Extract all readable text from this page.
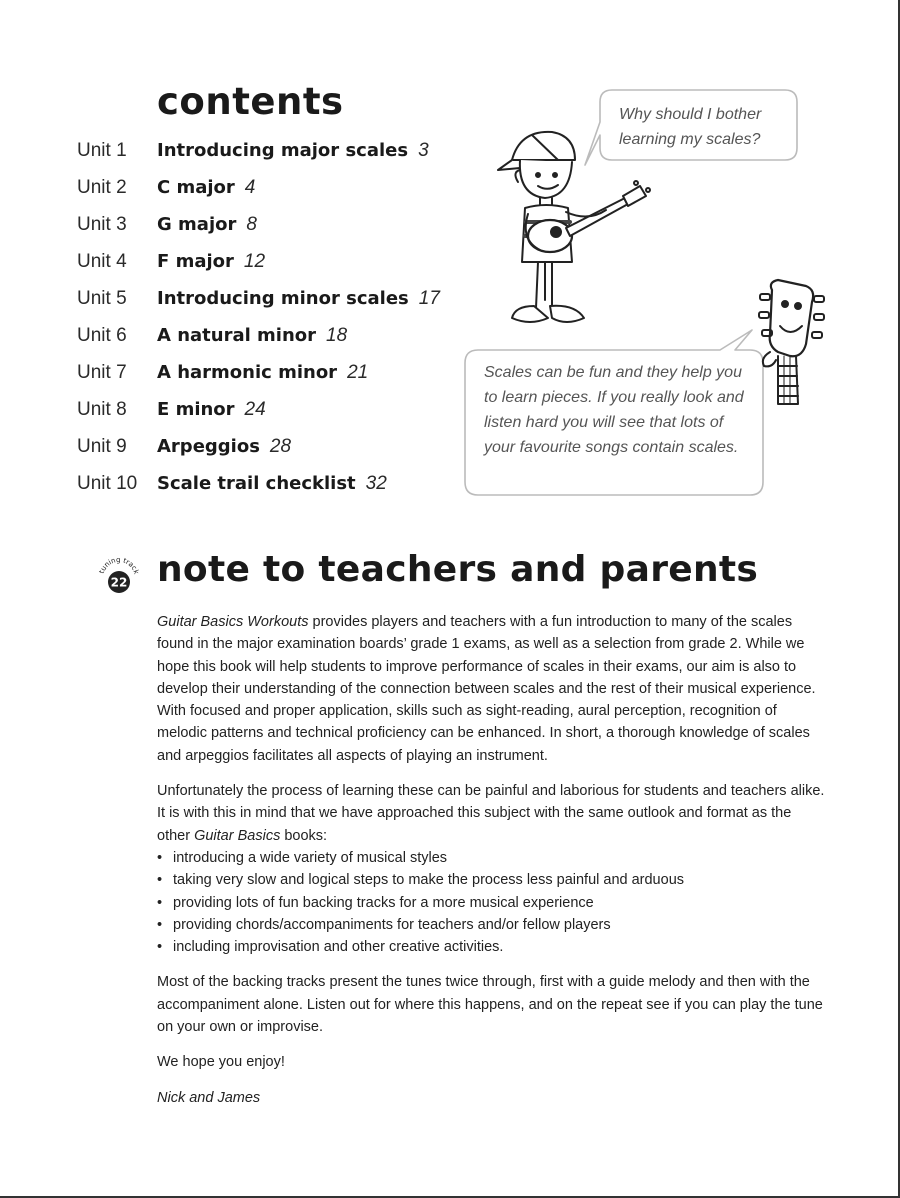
contents
Unit 1	Introducing major scales 3
Unit 2	C major 4
Unit 3	G major 8
Unit 4	F major 12
Unit 5	Introducing minor scales 17
Unit 6	A natural minor 18
Unit 7	A harmonic minor 21
Unit 8	E minor 24
Unit 9	Arpeggios 28
Unit 10	Scale trail checklist 32
Why should I bother learning my scales?
Scales can be fun and they help you to learn pieces. If you really look and listen hard you will see that lots of your favourite songs contain scales.
tuning track
22 note to teachers and parents

Guitar Basics Workouts provides players and teachers with a fun introduction to many of the scales found in the major examination boards’ grade 1 exams, as well as a selection from grade 2. While we hope this book will help students to improve performance of scales in their exams, our aim is also to develop their understanding of the connection between scales and the rest of their musical experience. With focused and proper application, skills such as sight-reading, aural perception, recognition of melodic patterns and technical proficiency can be enhanced. In short, a thorough knowledge of scales and arpeggios facilitates all aspects of playing an instrument.

Unfortunately the process of learning these can be painful and laborious for students and teachers alike. It is with this in mind that we have approached this subject with the same outlook and format as the other Guitar Basics books:

• introducing a wide variety of musical styles
• taking very slow and logical steps to make the process less painful and arduous
• providing lots of fun backing tracks for a more musical experience
• providing chords/accompaniments for teachers and/or fellow players
• including improvisation and other creative activities.

Most of the backing tracks present the tunes twice through, first with a guide melody and then with the accompaniment alone. Listen out for where this happens, and on the repeat see if you can play the tune on your own or improvise.

We hope you enjoy!

Nick and James
